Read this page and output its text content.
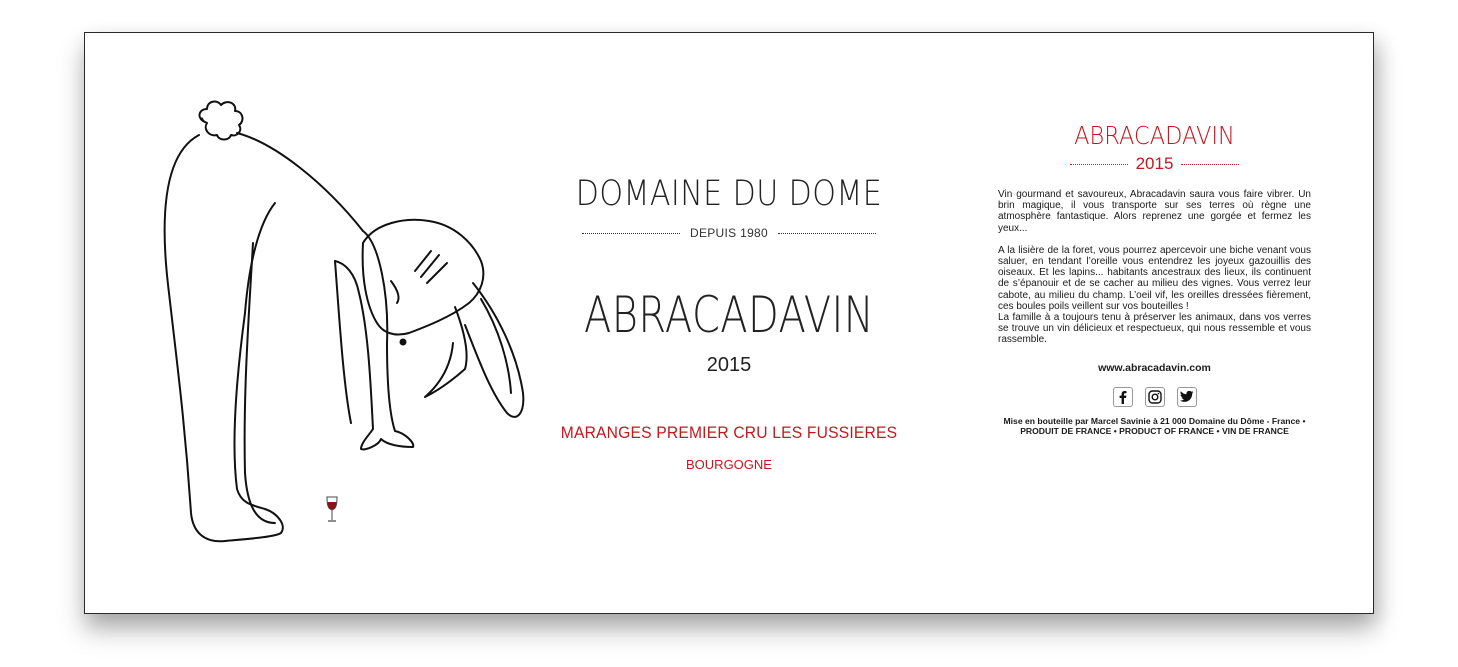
DOMAINE DU DOME
DEPUIS 1980
ABRACADAVIN
2015
MARANGES PREMIER CRU LES FUSSIERES
BOURGOGNE
ABRACADAVIN
2015

Vin gourmand et savoureux, Abracadavin saura vous faire vibrer. Un brin magique, il vous transporte sur ses terres où règne une atmosphère fantastique. Alors reprenez une gorgée et fermez les yeux...

A la lisière de la foret, vous pourrez apercevoir une biche venant vous saluer, en tendant l’oreille vous entendrez les joyeux gazouillis des oiseaux. Et les lapins... habitants ancestraux des lieux, ils continuent de s’épanouir et de se cacher au milieu des vignes. Vous verrez leur cabote, au milieu du champ. L’oeil vif, les oreilles dressées fièrement, ces boules poils veillent sur vos bouteilles !

La famille à a toujours tenu à préserver les animaux, dans vos verres se trouve un vin délicieux et respectueux, qui nous ressemble et vous rassemble.

www.abracadavin.com
Mise en bouteille par Marcel Savinie à 21 000 Domaine du Dôme - France • PRODUIT DE FRANCE • PRODUCT OF FRANCE • VIN DE FRANCE
